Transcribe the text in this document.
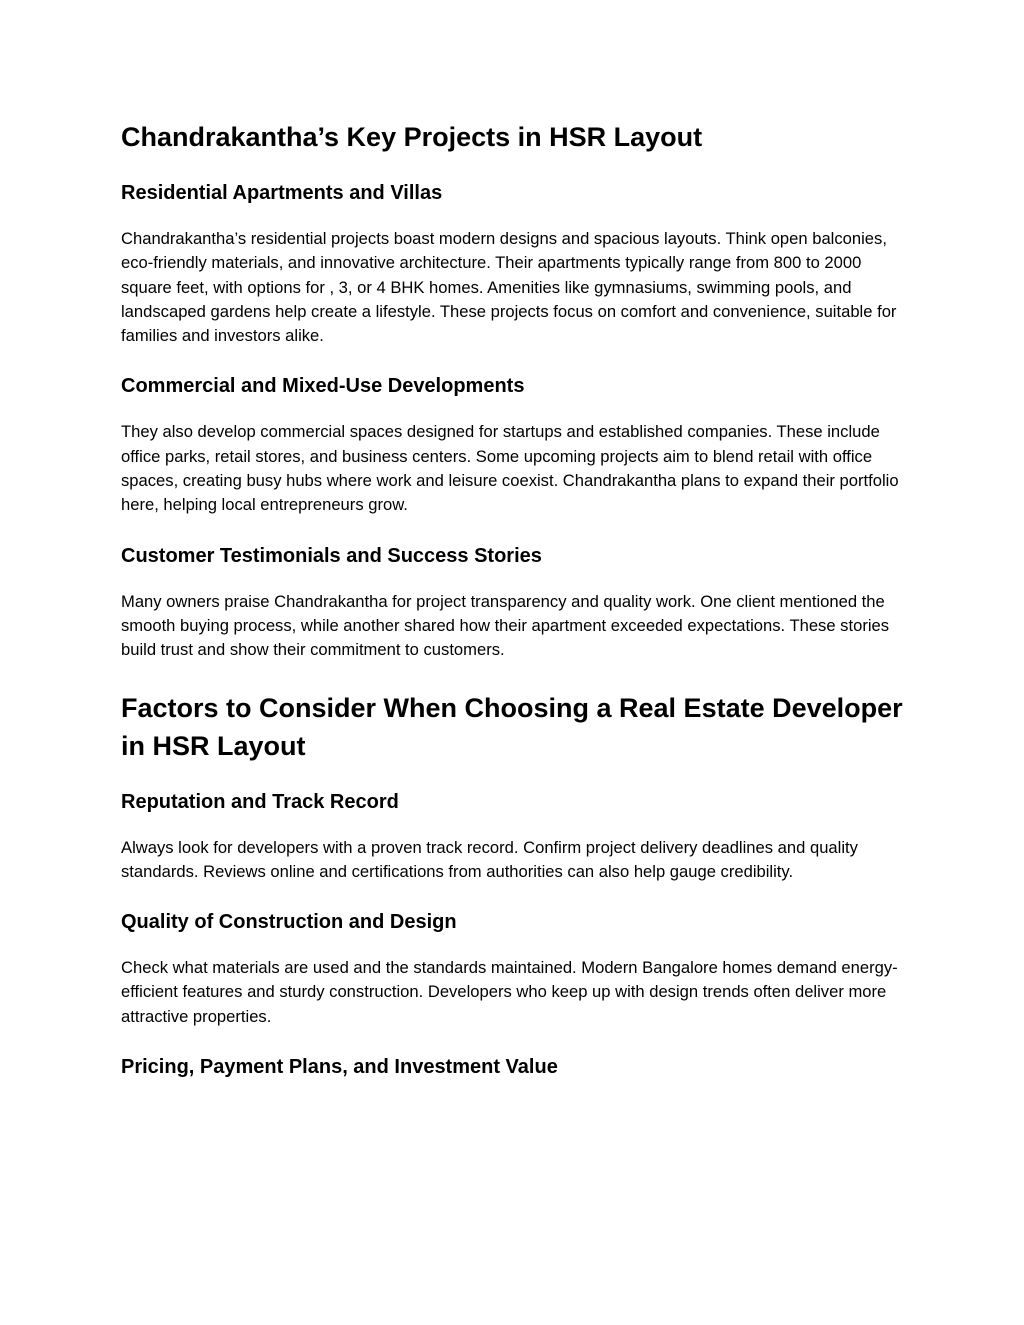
Chandrakantha’s Key Projects in HSR Layout
Residential Apartments and Villas

Chandrakantha’s residential projects boast modern designs and spacious layouts. Think open balconies, eco-friendly materials, and innovative architecture. Their apartments typically range from 800 to 2000 square feet, with options for , 3, or 4 BHK homes. Amenities like gymnasiums, swimming pools, and landscaped gardens help create a lifestyle. These projects focus on comfort and convenience, suitable for families and investors alike.

Commercial and Mixed-Use Developments

They also develop commercial spaces designed for startups and established companies. These include office parks, retail stores, and business centers. Some upcoming projects aim to blend retail with office spaces, creating busy hubs where work and leisure coexist. Chandrakantha plans to expand their portfolio here, helping local entrepreneurs grow.

Customer Testimonials and Success Stories

Many owners praise Chandrakantha for project transparency and quality work. One client mentioned the smooth buying process, while another shared how their apartment exceeded expectations. These stories build trust and show their commitment to customers.

Factors to Consider When Choosing a Real Estate Developer in HSR Layout
Reputation and Track Record

Always look for developers with a proven track record. Confirm project delivery deadlines and quality standards. Reviews online and certifications from authorities can also help gauge credibility.

Quality of Construction and Design

Check what materials are used and the standards maintained. Modern Bangalore homes demand energy-efficient features and sturdy construction. Developers who keep up with design trends often deliver more attractive properties.

Pricing, Payment Plans, and Investment Value
